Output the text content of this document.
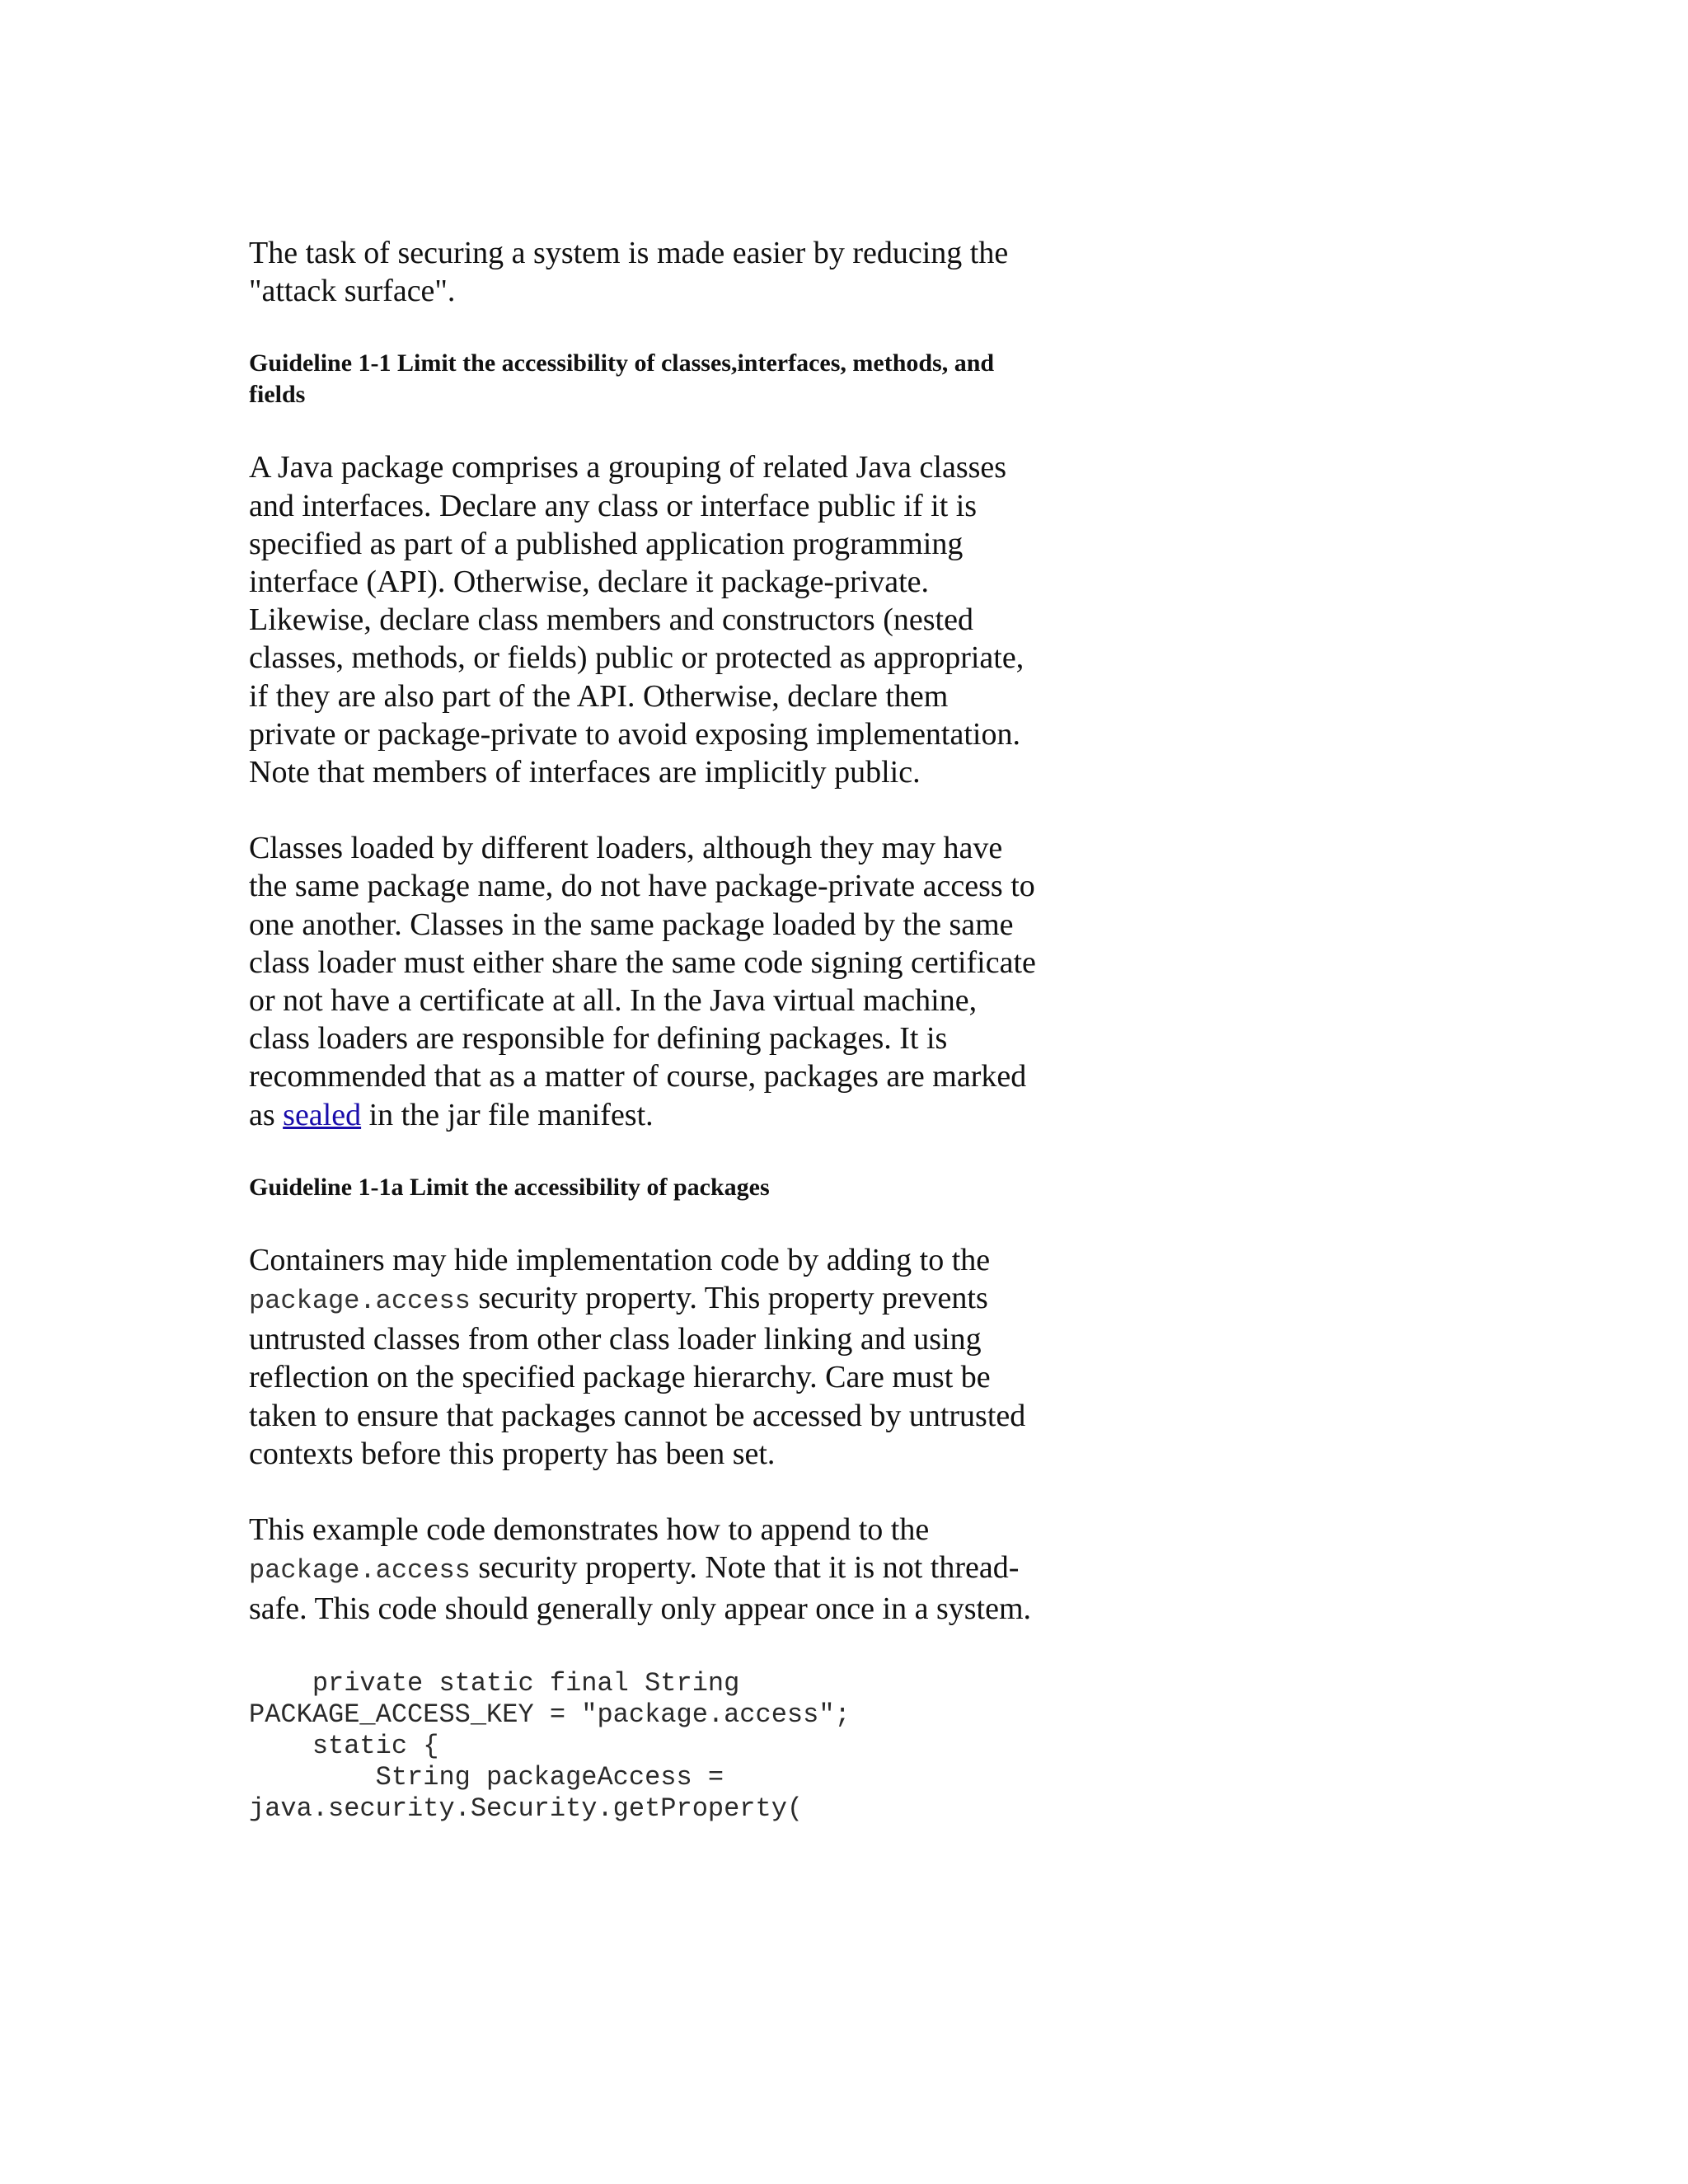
The task of securing a system is made easier by reducing the "attack surface".

Guideline 1-1 Limit the accessibility of classes,interfaces, methods, and fields

A Java package comprises a grouping of related Java classes and interfaces. Declare any class or interface public if it is specified as part of a published application programming interface (API). Otherwise, declare it package-private. Likewise, declare class members and constructors (nested classes, methods, or fields) public or protected as appropriate, if they are also part of the API. Otherwise, declare them private or package-private to avoid exposing implementation. Note that members of interfaces are implicitly public.

Classes loaded by different loaders, although they may have the same package name, do not have package-private access to one another. Classes in the same package loaded by the same class loader must either share the same code signing certificate or not have a certificate at all. In the Java virtual machine, class loaders are responsible for defining packages. It is recommended that as a matter of course, packages are marked as sealed in the jar file manifest.

Guideline 1-1a Limit the accessibility of packages

Containers may hide implementation code by adding to the package.access security property. This property prevents untrusted classes from other class loader linking and using reflection on the specified package hierarchy. Care must be taken to ensure that packages cannot be accessed by untrusted contexts before this property has been set.

This example code demonstrates how to append to the package.access security property. Note that it is not thread-safe. This code should generally only appear once in a system.

private static final String
PACKAGE_ACCESS_KEY = "package.access";
static {
String packageAccess =
java.security.Security.getProperty(
